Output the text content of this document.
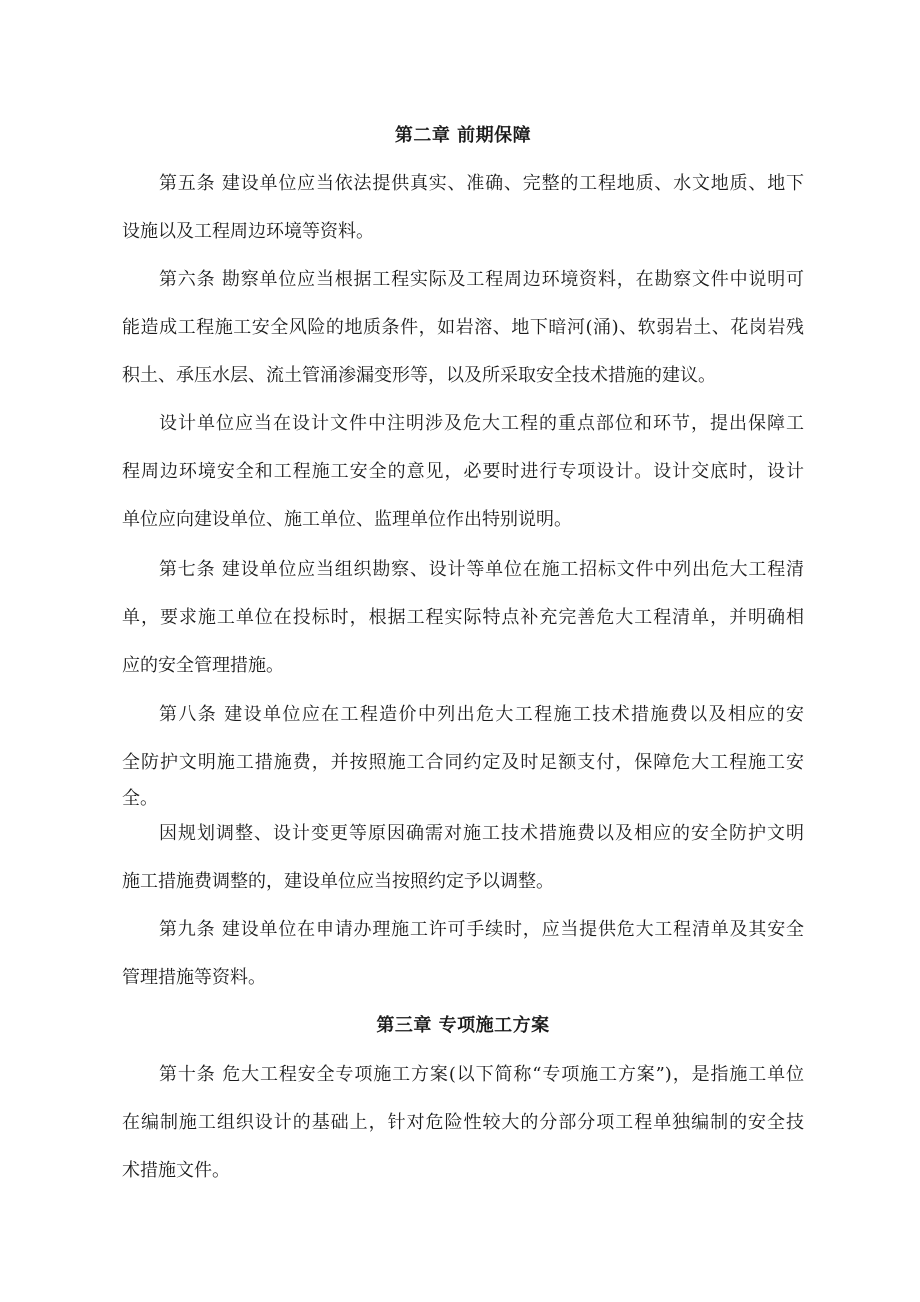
第二章 前期保障
第五条 建设单位应当依法提供真实、准确、完整的工程地质、水文地质、地下
设施以及工程周边环境等资料。
第六条 勘察单位应当根据工程实际及工程周边环境资料，在勘察文件中说明可
能造成工程施工安全风险的地质条件，如岩溶、地下暗河(涌)、软弱岩土、花岗岩残
积土、承压水层、流土管涌渗漏变形等，以及所采取安全技术措施的建议。
设计单位应当在设计文件中注明涉及危大工程的重点部位和环节，提出保障工
程周边环境安全和工程施工安全的意见，必要时进行专项设计。设计交底时，设计
单位应向建设单位、施工单位、监理单位作出特别说明。
第七条 建设单位应当组织勘察、设计等单位在施工招标文件中列出危大工程清
单，要求施工单位在投标时，根据工程实际特点补充完善危大工程清单，并明确相
应的安全管理措施。
第八条 建设单位应在工程造价中列出危大工程施工技术措施费以及相应的安
全防护文明施工措施费，并按照施工合同约定及时足额支付，保障危大工程施工安
全。
因规划调整、设计变更等原因确需对施工技术措施费以及相应的安全防护文明
施工措施费调整的，建设单位应当按照约定予以调整。
第九条 建设单位在申请办理施工许可手续时，应当提供危大工程清单及其安全
管理措施等资料。
第三章 专项施工方案
第十条 危大工程安全专项施工方案(以下简称“专项施工方案”)，是指施工单位
在编制施工组织设计的基础上，针对危险性较大的分部分项工程单独编制的安全技
术措施文件。
